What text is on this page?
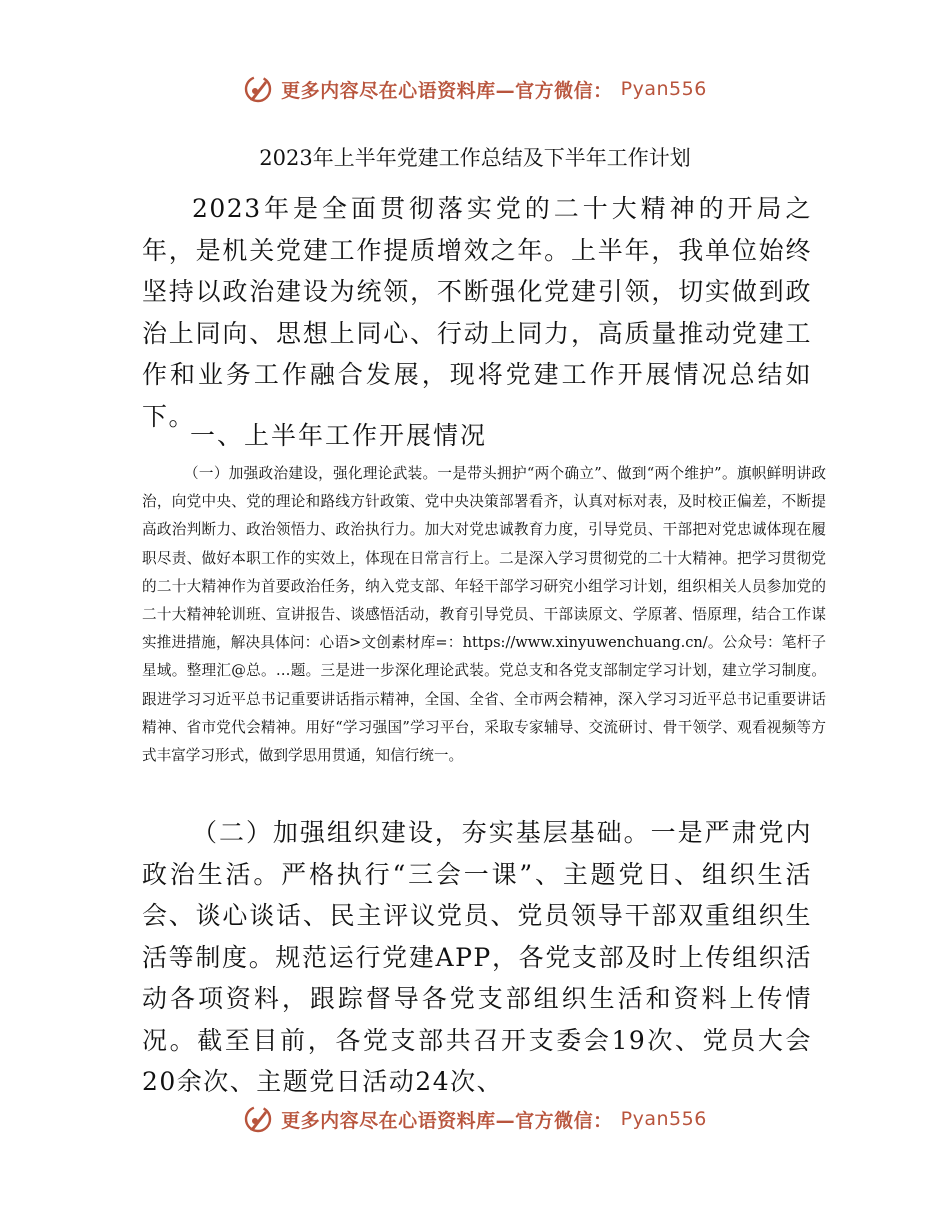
更多内容尽在心语资料库—官方微信： Pyan556
2023年上半年党建工作总结及下半年工作计划

2023年是全面贯彻落实党的二十大精神的开局之年，是机关党建工作提质增效之年。上半年，我单位始终坚持以政治建设为统领，不断强化党建引领，切实做到政治上同向、思想上同心、行动上同力，高质量推动党建工作和业务工作融合发展，现将党建工作开展情况总结如下。

一、上半年工作开展情况

（一）加强政治建设，强化理论武装。一是带头拥护“两个确立”、做到“两个维护”。旗帜鲜明讲政治，向党中央、党的理论和路线方针政策、党中央决策部署看齐，认真对标对表，及时校正偏差，不断提高政治判断力、政治领悟力、政治执行力。加大对党忠诚教育力度，引导党员、干部把对党忠诚体现在履职尽责、做好本职工作的实效上，体现在日常言行上。二是深入学习贯彻党的二十大精神。把学习贯彻党的二十大精神作为首要政治任务，纳入党支部、年轻干部学习研究小组学习计划，组织相关人员参加党的二十大精神轮训班、宣讲报告、谈感悟活动，教育引导党员、干部读原文、学原著、悟原理，结合工作谋实推进措施，解决具体问：心语>文创素材库=：https://www.xinyuwenchuang.cn/。公众号：笔杆子星域。整理汇@总。…题。三是进一步深化理论武装。党总支和各党支部制定学习计划，建立学习制度。跟进学习习近平总书记重要讲话指示精神，全国、全省、全市两会精神，深入学习习近平总书记重要讲话精神、省市党代会精神。用好“学习强国”学习平台，采取专家辅导、交流研讨、骨干领学、观看视频等方式丰富学习形式，做到学思用贯通，知信行统一。

（二）加强组织建设，夯实基层基础。一是严肃党内政治生活。严格执行“三会一课”、主题党日、组织生活会、谈心谈话、民主评议党员、党员领导干部双重组织生活等制度。规范运行党建APP，各党支部及时上传组织活动各项资料，跟踪督导各党支部组织生活和资料上传情况。截至目前，各党支部共召开支委会19次、党员大会20余次、主题党日活动24次、

更多内容尽在心语资料库—官方微信： Pyan556
